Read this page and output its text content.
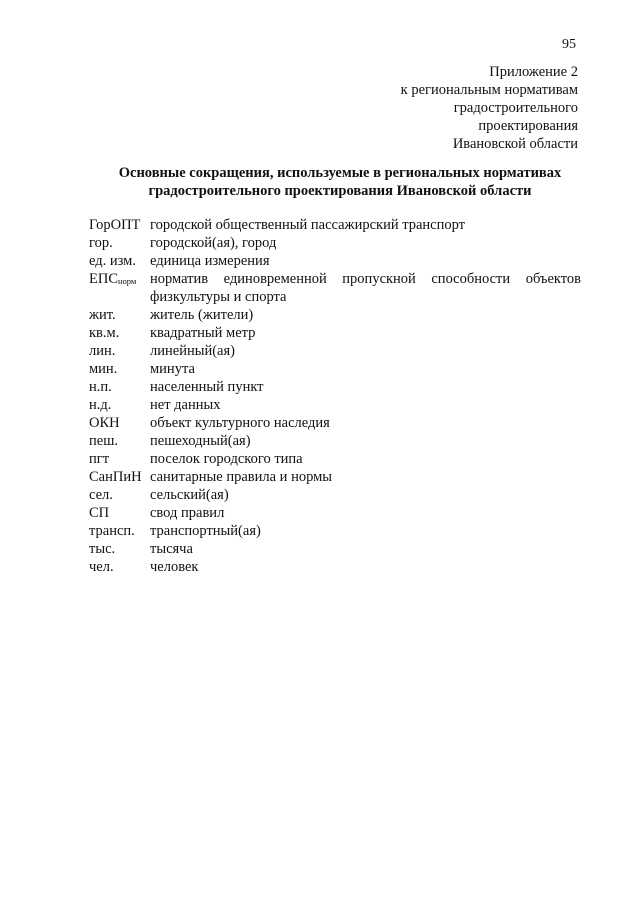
95
Приложение 2
к региональным нормативам
градостроительного
проектирования
Ивановской области
Основные сокращения, используемые в региональных нормативах
градостроительного проектирования Ивановской области
ГорОПТ городской общественный пассажирский транспорт
гор.	городской(ая), город
ед. изм. единица измерения
$ЕПС_{норм}$ норматив единовременной пропускной способности объектов физкультуры и спорта
жит.	житель (жители)
кв.м.	квадратный метр
лин.	линейный(ая)
мин.	минута
н.п.	населенный пункт
н.д.	нет данных
ОКН	объект культурного наследия
пеш.	пешеходный(ая)
пгт	поселок городского типа
СанПиН санитарные правила и нормы
сел.	сельский(ая)
СП	свод правил
трансп.	транспортный(ая)
тыс.	тысяча
чел.	человек
